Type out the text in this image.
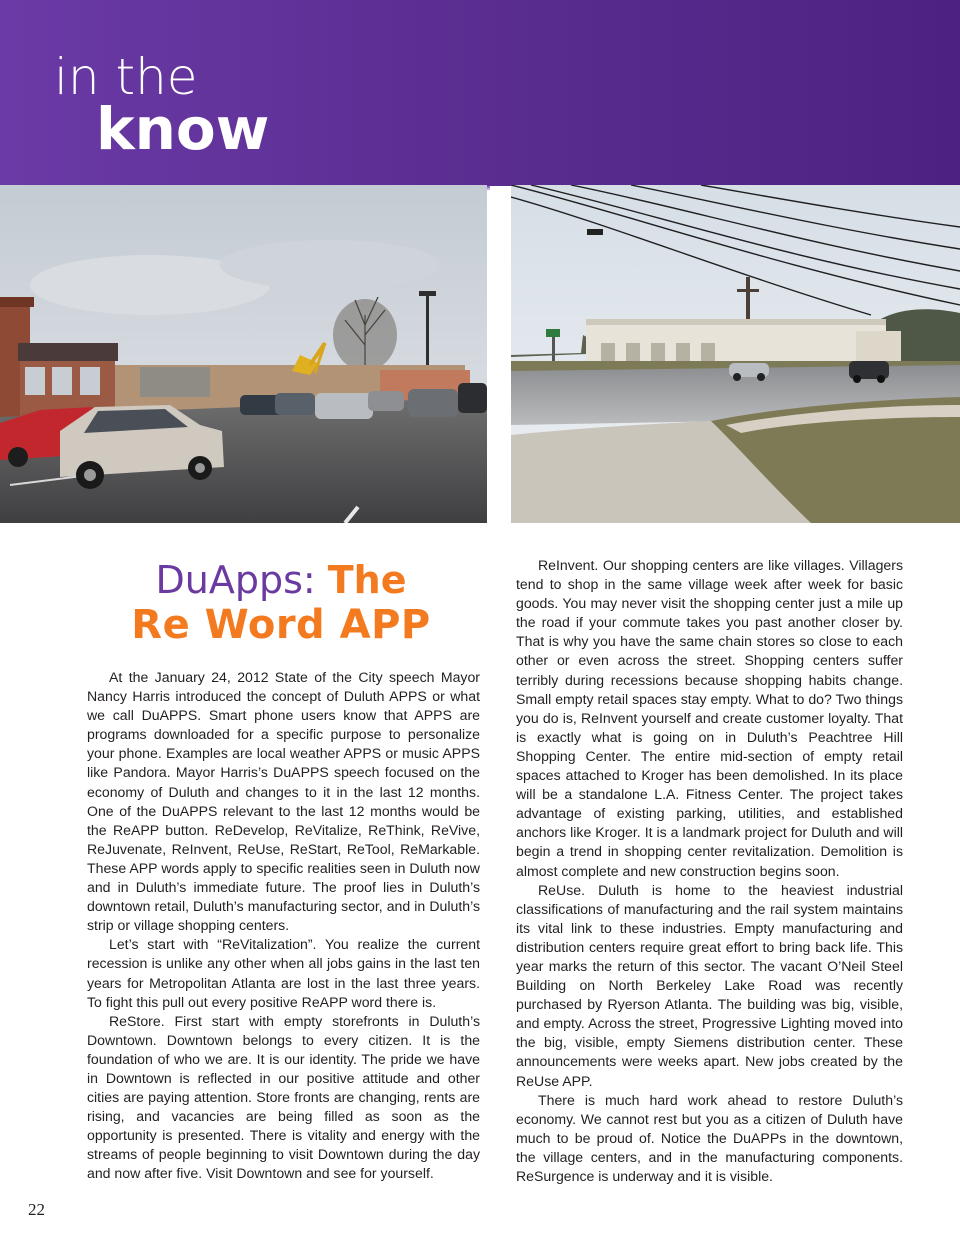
in the
know
DuApps: The
Re Word APP

At the January 24, 2012 State of the City speech Mayor Nancy Harris introduced the concept of Duluth APPS or what we call DuAPPS. Smart phone users know that APPS are programs downloaded for a specific purpose to personalize your phone. Examples are local weather APPS or music APPS like Pandora. Mayor Harris’s DuAPPS speech focused on the economy of Duluth and changes to it in the last 12 months. One of the DuAPPS relevant to the last 12 months would be the ReAPP button. ReDevelop, ReVitalize, ReThink, ReVive, ReJuvenate, ReInvent, ReUse, ReStart, ReTool, ReMarkable. These APP words apply to specific realities seen in Duluth now and in Duluth’s immediate future. The proof lies in Duluth’s downtown retail, Duluth’s manufacturing sector, and in Duluth’s strip or village shopping centers.

Let’s start with “ReVitalization”. You realize the current recession is unlike any other when all jobs gains in the last ten years for Metropolitan Atlanta are lost in the last three years. To fight this pull out every positive ReAPP word there is.

ReStore. First start with empty storefronts in Duluth’s Downtown. Downtown belongs to every citizen. It is the foundation of who we are. It is our identity. The pride we have in Downtown is reflected in our positive attitude and other cities are paying attention. Store fronts are changing, rents are rising, and vacancies are being filled as soon as the opportunity is presented. There is vitality and energy with the streams of people beginning to visit Downtown during the day and now after five. Visit Downtown and see for yourself.

ReInvent. Our shopping centers are like villages. Villagers tend to shop in the same village week after week for basic goods. You may never visit the shopping center just a mile up the road if your commute takes you past another closer by. That is why you have the same chain stores so close to each other or even across the street. Shopping centers suffer terribly during recessions because shopping habits change. Small empty retail spaces stay empty. What to do? Two things you do is, ReInvent yourself and create customer loyalty. That is exactly what is going on in Duluth’s Peachtree Hill Shopping Center. The entire mid-section of empty retail spaces attached to Kroger has been demolished. In its place will be a standalone L.A. Fitness Center. The project takes advantage of existing parking, utilities, and established anchors like Kroger. It is a landmark project for Duluth and will begin a trend in shopping center revitalization. Demolition is almost complete and new construction begins soon.

ReUse. Duluth is home to the heaviest industrial classifications of manufacturing and the rail system maintains its vital link to these industries. Empty manufacturing and distribution centers require great effort to bring back life. This year marks the return of this sector. The vacant O’Neil Steel Building on North Berkeley Lake Road was recently purchased by Ryerson Atlanta. The building was big, visible, and empty. Across the street, Progressive Lighting moved into the big, visible, empty Siemens distribution center. These announcements were weeks apart. New jobs created by the ReUse APP.

There is much hard work ahead to restore Duluth’s economy. We cannot rest but you as a citizen of Duluth have much to be proud of. Notice the DuAPPs in the downtown, the village centers, and in the manufacturing components. ReSurgence is underway and it is visible.

22
